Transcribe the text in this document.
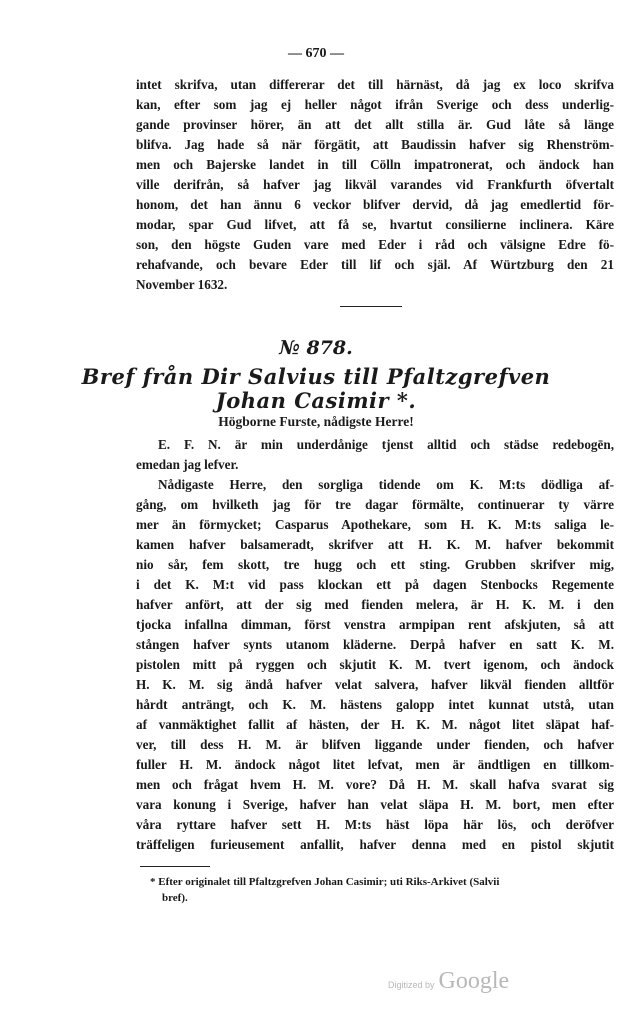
— 670 —
intet skrifva, utan differerar det till härnäst, då jag ex loco skrifva
kan, efter som jag ej heller något ifrån Sverige och dess underlig-
gande provinser hörer, än att det allt stilla är. Gud låte så länge
blifva. Jag hade så när förgätit, att Baudissin hafver sig Rhenström-
men och Bajerske landet in till Cölln impatronerat, och ändock han
ville derifrån, så hafver jag likväl varandes vid Frankfurth öfvertalt
honom, det han ännu 6 veckor blifver dervid, då jag emedlertid för-
modar, spar Gud lifvet, att få se, hvartut consilierne inclinera. Käre
son, den högste Guden vare med Eder i råd och välsigne Edre fö-
rehafvande, och bevare Eder till lif och själ. Af Würtzburg den 21
November 1632.
№ 878.
Bref från Dir Salvius till Pfaltzgrefven
Johan Casimir *.
Högborne Furste, nådigste Herre!
E. F. N. är min underdånige tjenst alltid och städse redebogēn,
emedan jag lefver.
Nådigaste Herre, den sorgliga tidende om K. M:ts dödliga af-
gång, om hvilketh jag för tre dagar förmälte, continuerar ty värre
mer än förmycket; Casparus Apothekare, som H. K. M:ts saliga le-
kamen hafver balsameradt, skrifver att H. K. M. hafver bekommit
nio sår, fem skott, tre hugg och ett sting. Grubben skrifver mig,
i det K. M:t vid pass klockan ett på dagen Stenbocks Regemente
hafver anfört, att der sig med fienden melera, är H. K. M. i den
tjocka infallna dimman, först venstra armpipan rent afskjuten, så att
stången hafver synts utanom kläderne. Derpå hafver en satt K. M.
pistolen mitt på ryggen och skjutit K. M. tvert igenom, och ändock
H. K. M. sig ändå hafver velat salvera, hafver likväl fienden alltför
hårdt anträngt, och K. M. hästens galopp intet kunnat utstå, utan
af vanmäktighet fallit af hästen, der H. K. M. något litet släpat haf-
ver, till dess H. M. är blifven liggande under fienden, och hafver
fuller H. M. ändock något litet lefvat, men är ändtligen en tillkom-
men och frågat hvem H. M. vore? Då H. M. skall hafva svarat sig
vara konung i Sverige, hafver han velat släpa H. M. bort, men efter
våra ryttare hafver sett H. M:ts häst löpa här lös, och deröfver
träffeligen furieusement anfallit, hafver denna med en pistol skjutit
* Efter originalet till Pfaltzgrefven Johan Casimir; uti Riks-Arkivet (Salvii
bref).
Digitized by Google
